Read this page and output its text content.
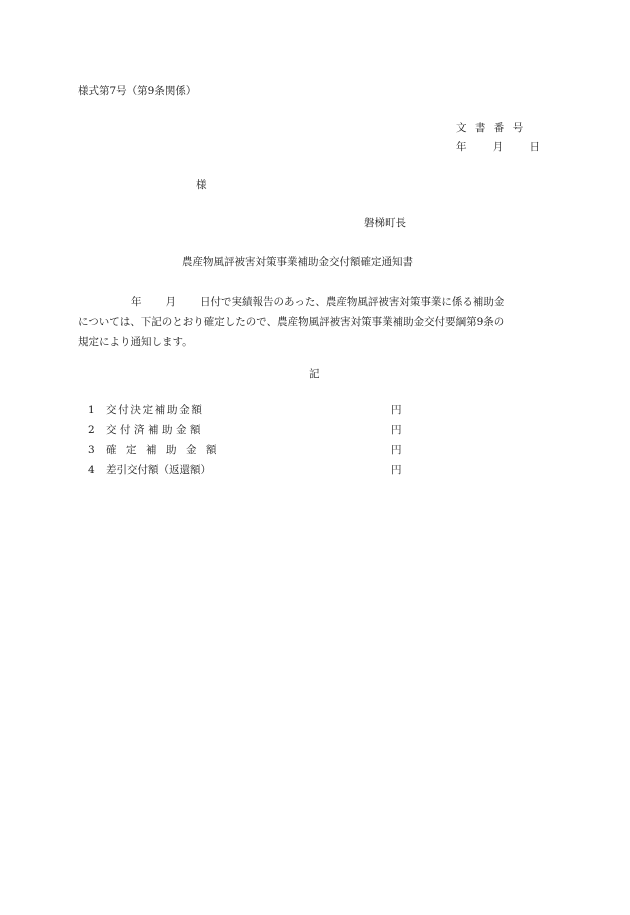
様式第7号（第9条関係）
文書番号
年	月	日
様
磐梯町長
農産物風評被害対策事業補助金交付額確定通知書
年 月 日付で実績報告のあった、農産物風評被害対策事業に係る補助金
については、下記のとおり確定したので、農産物風評被害対策事業補助金交付要綱第9条の
規定により通知します。
記
1 交付決定補助金額	円
2 交付済補助金額	円
3 確定補助金額	円
4 差引交付額（返還額）	円
